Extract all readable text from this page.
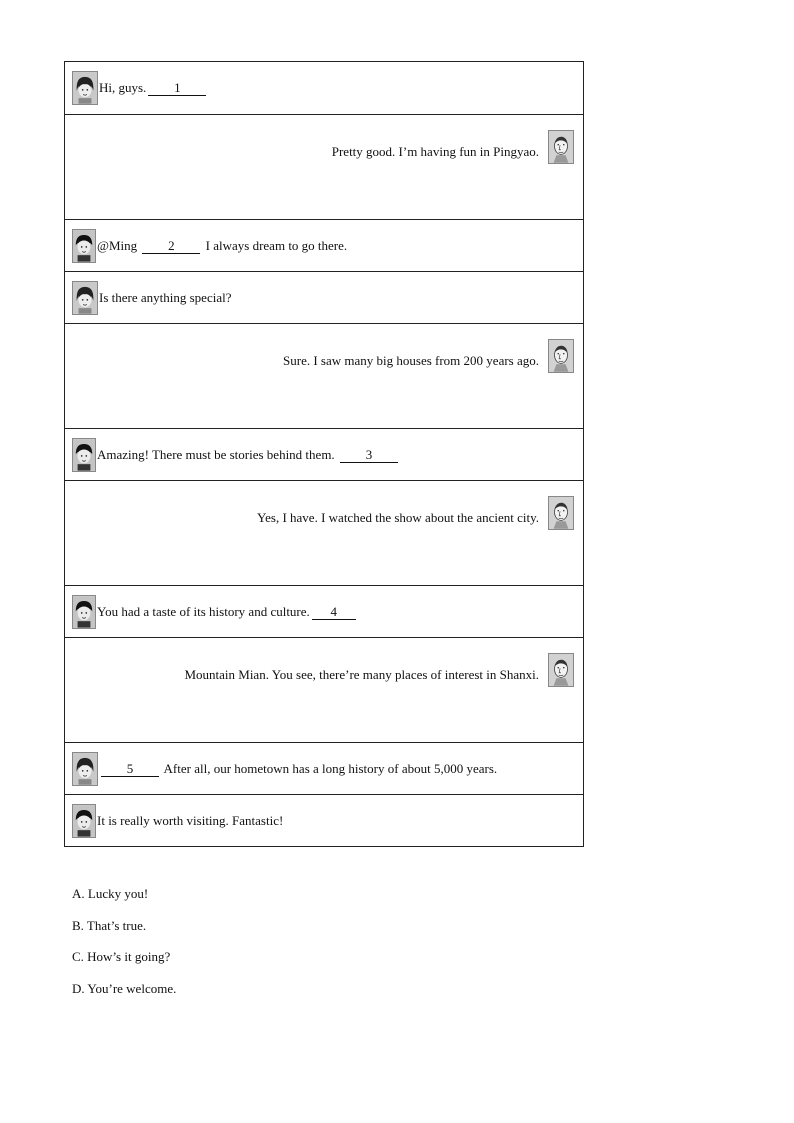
Hi, guys. 1
Pretty good. I’m having fun in Pingyao.
@Ming 2 I always dream to go there.
Is there anything special?
Sure. I saw many big houses from 200 years ago.
Amazing! There must be stories behind them. 3
Yes, I have. I watched the show about the ancient city.
You had a taste of its history and culture. 4
Mountain Mian. You see, there’re many places of interest in Shanxi.
5 After all, our hometown has a long history of about 5,000 years.
It is really worth visiting. Fantastic!
A. Lucky you!
B. That’s true.
C. How’s it going?
D. You’re welcome.
